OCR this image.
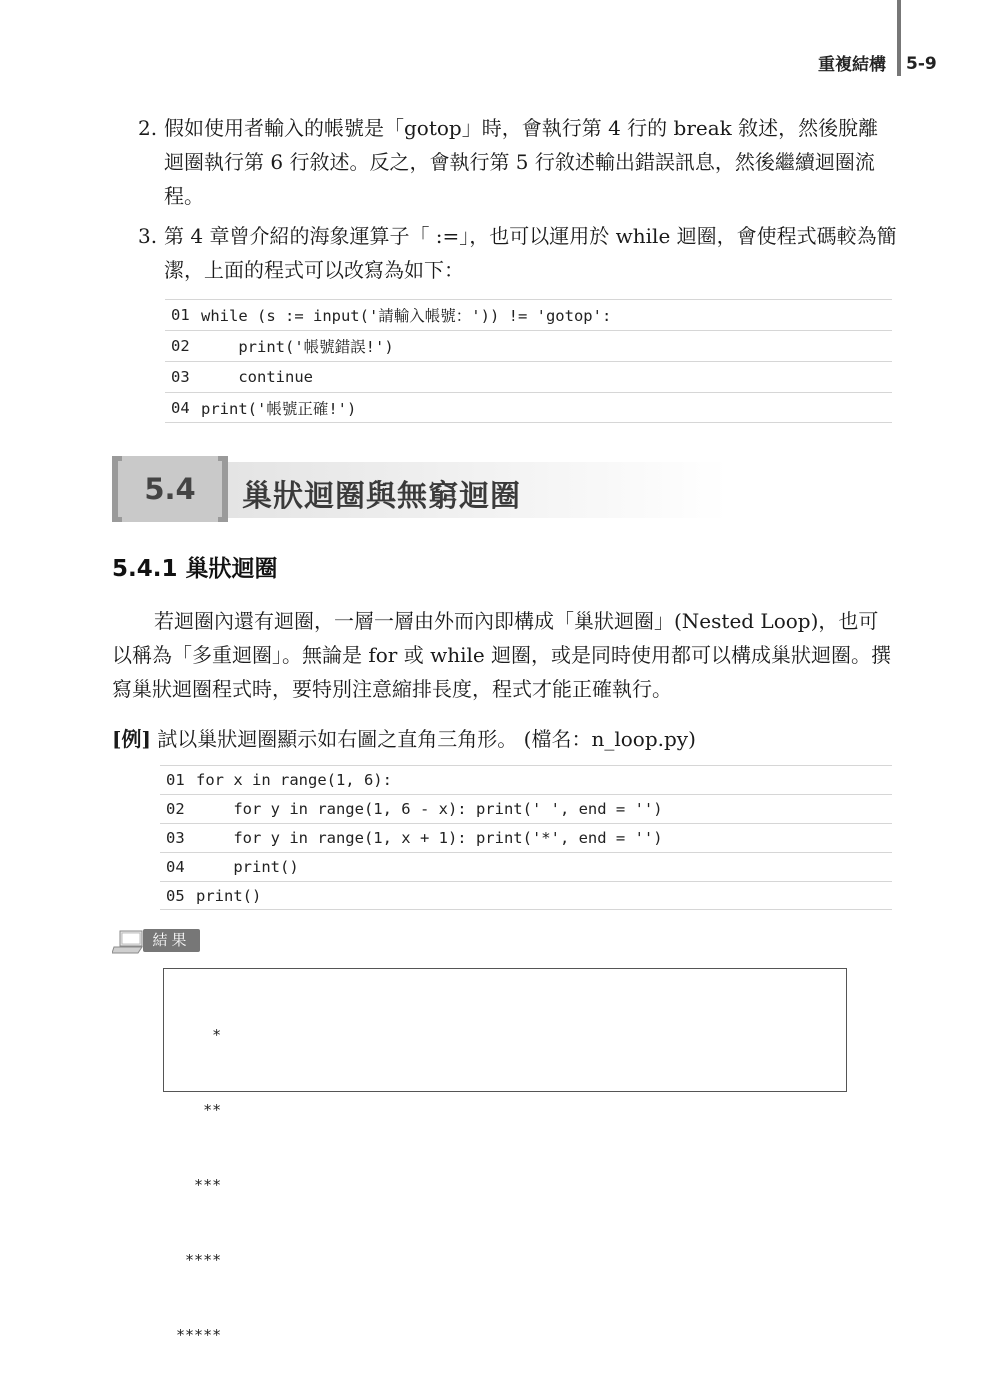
重複結構 5-9
2. 假如使用者輸入的帳號是「gotop」時，會執行第 4 行的 break 敘述，然後脫離迴圈執行第 6 行敘述。反之，會執行第 5 行敘述輸出錯誤訊息，然後繼續迴圈流程。
3. 第 4 章曾介紹的海象運算子「 :=」，也可以運用於 while 迴圈，會使程式碼較為簡潔，上面的程式可以改寫為如下：
01 while (s := input('請輸入帳號：')) != 'gotop':
02 print('帳號錯誤!')
03 continue
04 print('帳號正確!')
5.4	巢狀迴圈與無窮迴圈
5.4.1 巢狀迴圈
若迴圈內還有迴圈，一層一層由外而內即構成「巢狀迴圈」(Nested Loop)，也可以稱為「多重迴圈」。無論是 for 或 while 迴圈，或是同時使用都可以構成巢狀迴圈。撰寫巢狀迴圈程式時，要特別注意縮排長度，程式才能正確執行。
[例] 試以巢狀迴圈顯示如右圖之直角三角形。 (檔名：n_loop.py)
01 for x in range(1, 6):
02 for y in range(1, 6 - x): print(' ', end = '')
03 for y in range(1, x + 1): print('*', end = '')
04 print()
05 print()
結果

*

**

***

****

*****
